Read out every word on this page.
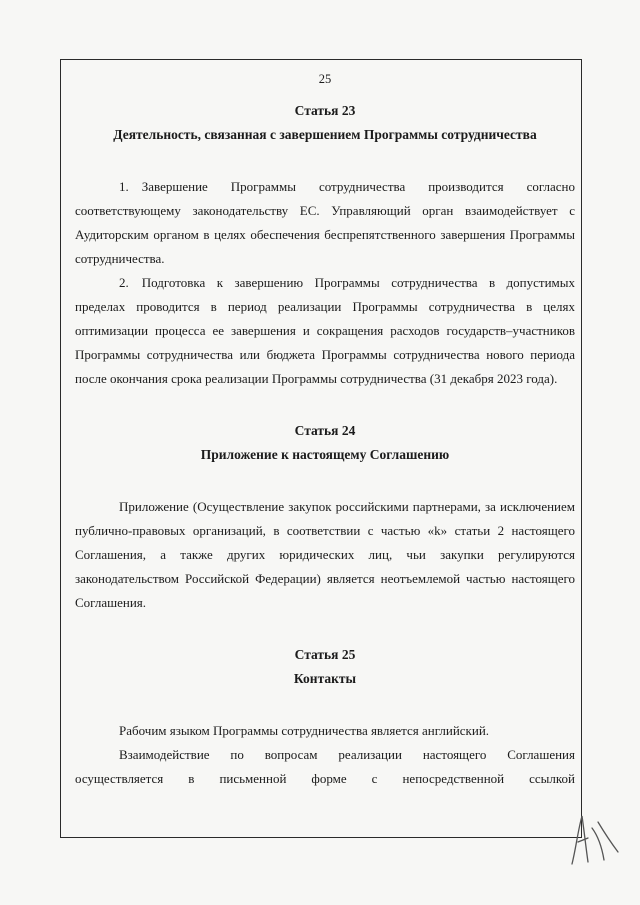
25
Статья 23
Деятельность, связанная с завершением Программы сотрудничества

1. Завершение Программы сотрудничества производится согласно соответствующему законодательству ЕС. Управляющий орган взаимодействует с Аудиторским органом в целях обеспечения беспрепятственного завершения Программы сотрудничества.

2. Подготовка к завершению Программы сотрудничества в допустимых пределах проводится в период реализации Программы сотрудничества в целях оптимизации процесса ее завершения и сокращения расходов государств–участников Программы сотрудничества или бюджета Программы сотрудничества нового периода после окончания срока реализации Программы сотрудничества (31 декабря 2023 года).

Статья 24
Приложение к настоящему Соглашению

Приложение (Осуществление закупок российскими партнерами, за исключением публично-правовых организаций, в соответствии с частью «k» статьи 2 настоящего Соглашения, а также других юридических лиц, чьи закупки регулируются законодательством Российской Федерации) является неотъемлемой частью настоящего Соглашения.

Статья 25
Контакты

Рабочим языком Программы сотрудничества является английский.

Взаимодействие по вопросам реализации настоящего Соглашения осуществляется в письменной форме с непосредственной ссылкой
